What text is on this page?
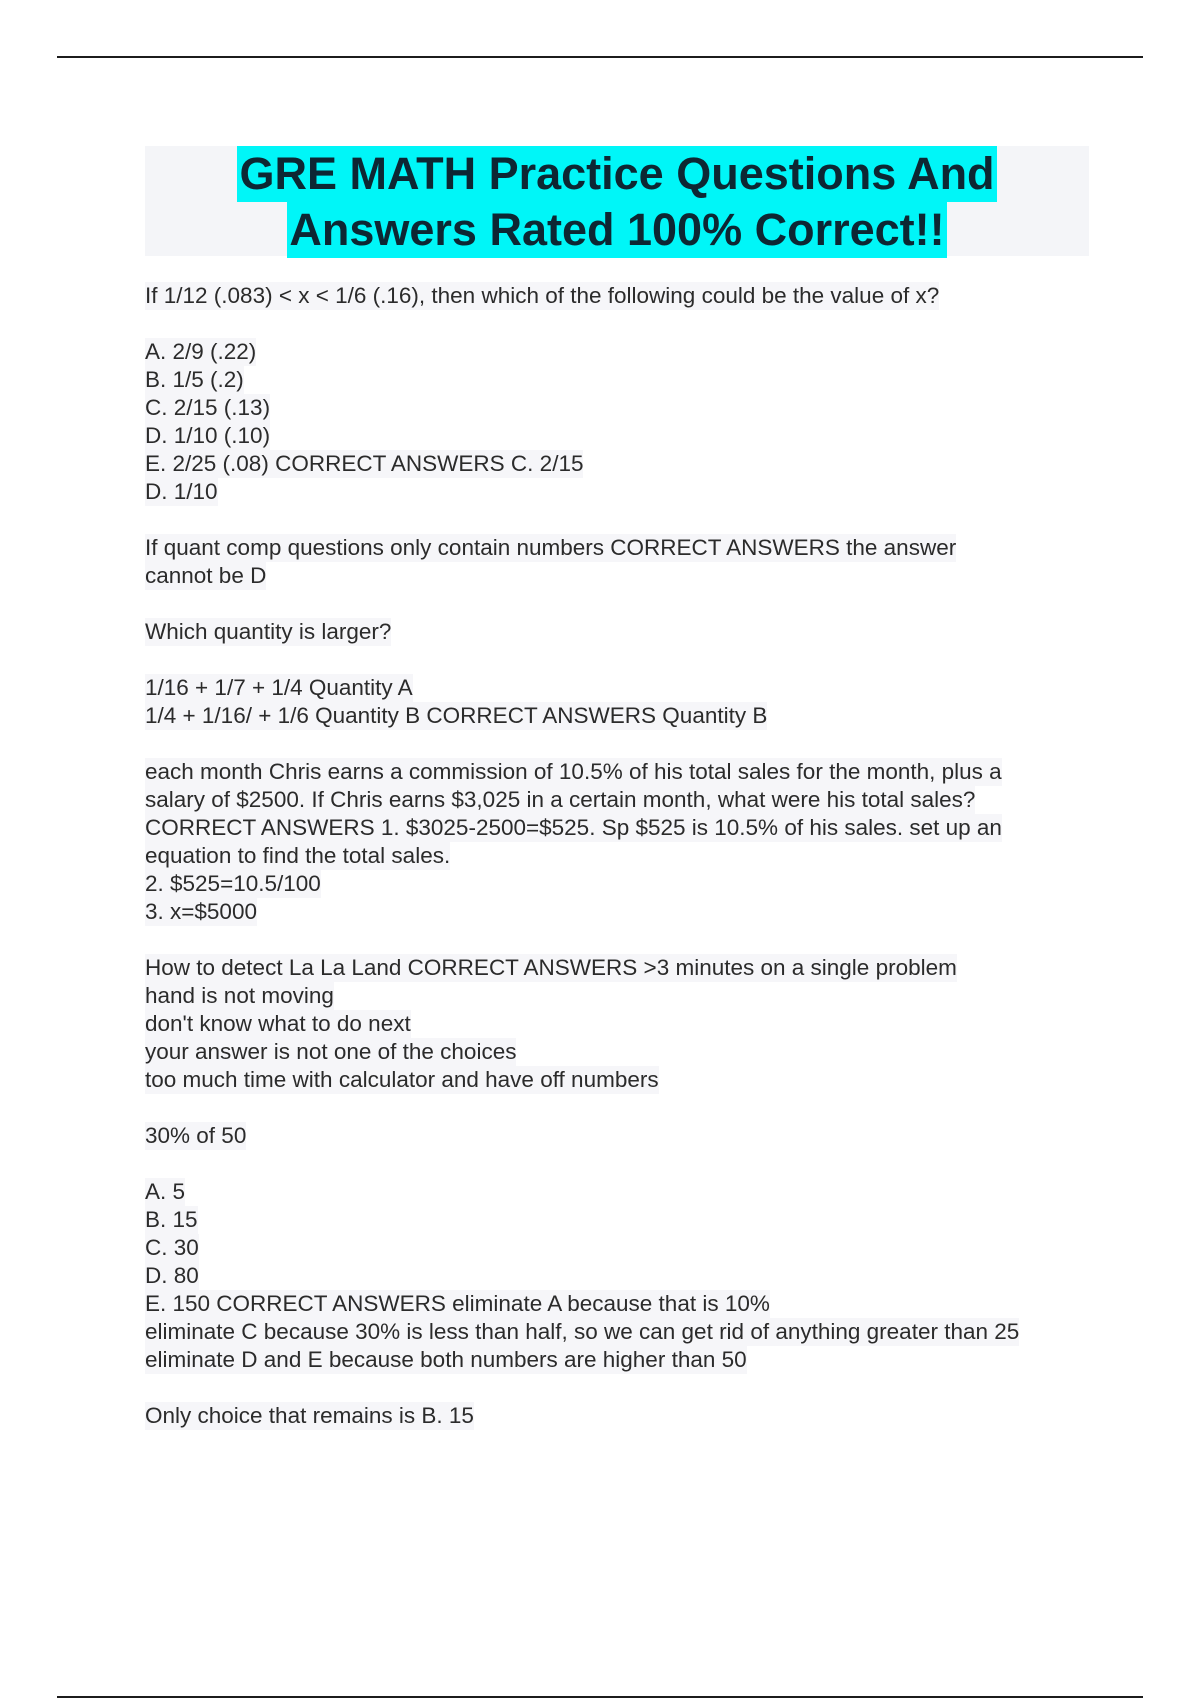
GRE MATH Practice Questions And
Answers Rated 100% Correct!!
If 1/12 (.083) < x < 1/6 (.16), then which of the following could be the value of x?
A. 2/9 (.22)
B. 1/5 (.2)
C. 2/15 (.13)
D. 1/10 (.10)
E. 2/25 (.08) CORRECT ANSWERS C. 2/15
D. 1/10
If quant comp questions only contain numbers CORRECT ANSWERS the answer
cannot be D
Which quantity is larger?
1/16 + 1/7 + 1/4 Quantity A
1/4 + 1/16/ + 1/6 Quantity B CORRECT ANSWERS Quantity B
each month Chris earns a commission of 10.5% of his total sales for the month, plus a
salary of $2500. If Chris earns $3,025 in a certain month, what were his total sales?
CORRECT ANSWERS 1. $3025-2500=$525. Sp $525 is 10.5% of his sales. set up an
equation to find the total sales.
2. $525=10.5/100
3. x=$5000
How to detect La La Land CORRECT ANSWERS >3 minutes on a single problem
hand is not moving
don't know what to do next
your answer is not one of the choices
too much time with calculator and have off numbers
30% of 50
A. 5
B. 15
C. 30
D. 80
E. 150 CORRECT ANSWERS eliminate A because that is 10%
eliminate C because 30% is less than half, so we can get rid of anything greater than 25
eliminate D and E because both numbers are higher than 50
Only choice that remains is B. 15
